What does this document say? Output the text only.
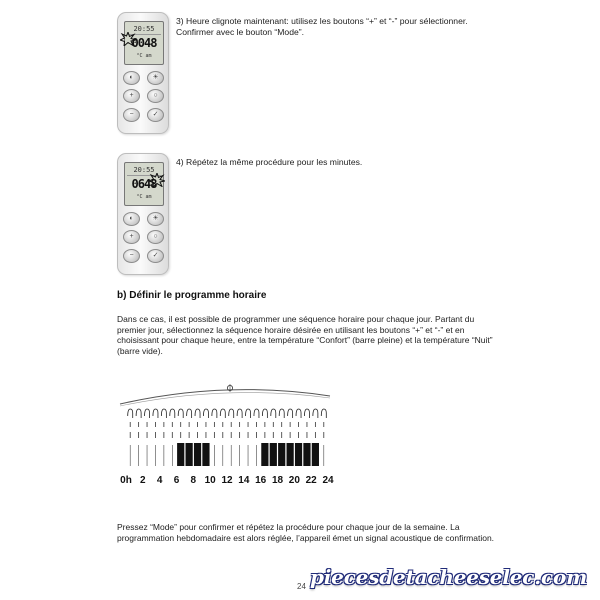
20:55
0048
°C am
◐	☀
+	○
−	✓
3) Heure clignote maintenant: utilisez les boutons “+” et “-” pour sélectionner. Confirmer avec le bouton “Mode”.
20:55
0648
°C am
◐	☀
+	○
−	✓
4) Répétez la même procédure pour les minutes.
b) Définir le programme horaire
Dans ce cas, il est possible de programmer une séquence horaire pour chaque jour. Partant du premier jour, sélectionnez la séquence horaire désirée en utilisant les boutons “+” et “-” et en choisissant pour chaque heure, entre la température “Confort” (barre pleine) et la température “Nuit” (barre vide).
0h 2 4 6 8 10 12 14 16 18 20 22 24
Pressez “Mode” pour confirmer et répétez la procédure pour chaque jour de la semaine. La programmation hebdomadaire est alors réglée, l’appareil émet un signal acoustique de confirmation.
24 piecesdetacheeselec.com
